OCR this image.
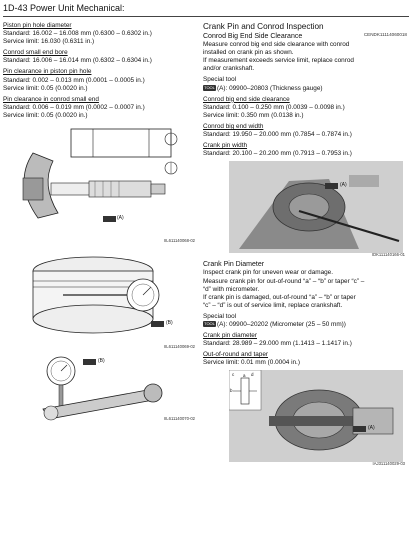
1D-43 Power Unit Mechanical:
Piston pin hole diameter
Standard: 16.002 – 16.008 mm (0.6300 – 0.6302 in.)
Service limit: 16.030 (0.6311 in.)
Conrod small end bore
Standard: 16.006 – 16.014 mm (0.6302 – 0.6304 in.)
Pin clearance in piston pin hole
Standard: 0.002 – 0.013 mm (0.0001 – 0.0005 in.)
Service limit: 0.05 (0.0020 in.)
Pin clearance in conrod small end
Standard: 0.006 – 0.019 mm (0.0002 – 0.0007 in.)
Service limit: 0.05 (0.0020 in.)
(A)
IIL611140068-02
(B)
IIL611140069-02
(B)
IIL611140070-02
Crank Pin and Conrod Inspection
CENDK11114060018
Conrod Big End Side Clearance
Measure conrod big end side clearance with conrod
installed on crank pin as shown.
If measurement exceeds service limit, replace conrod
and/or crankshaft.
Special tool
TOOL (A): 09900–20803 (Thickness gauge)
Conrod big end side clearance
Standard: 0.100 – 0.250 mm (0.0039 – 0.0098 in.)
Service limit: 0.350 mm (0.0138 in.)
Conrod big end width
Standard: 19.950 – 20.000 mm (0.7854 – 0.7874 in.)
Crank pin width
Standard: 20.100 – 20.200 mm (0.7913 – 0.7953 in.)
(A)
IDK111140166-01
Crank Pin Diameter
Inspect crank pin for uneven wear or damage.
Measure crank pin for out-of-round “a” – “b” or taper “c” –
“d” with micrometer.
If crank pin is damaged, out-of-round “a” – “b” or taper
“c” – “d” is out of service limit, replace crankshaft.
Special tool
TOOL (A): 09900–20202 (Micrometer (25 – 50 mm))
Crank pin diameter
Standard: 28.989 – 29.000 mm (1.1413 – 1.1417 in.)
Out-of-round and taper
Service limit: 0.01 mm (0.0004 in.)
c	d
a
b
(A)
IAJ311140029-03
